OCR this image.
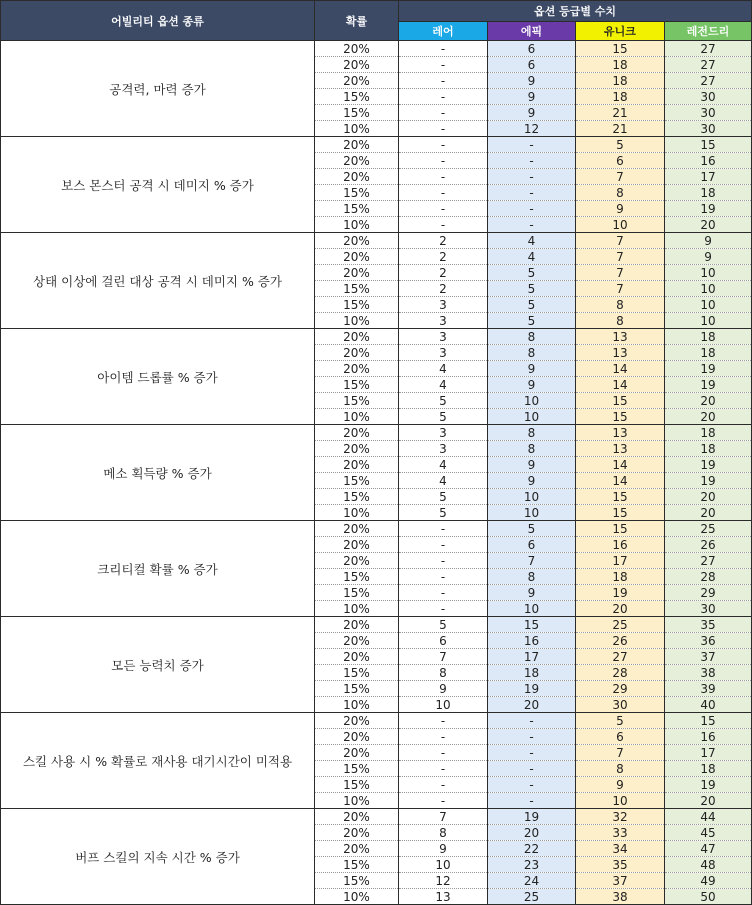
어빌리티 옵션 종류	확률	옵션 등급별 수치			
		레어	에픽	유니크	레전드리
공격력, 마력 증가	20%	-	6	15	27
	20%	-	6	18	27
	20%	-	9	18	27
	15%	-	9	18	30
	15%	-	9	21	30
	10%	-	12	21	30
보스 몬스터 공격 시 데미지 % 증가	20%	-	-	5	15
	20%	-	-	6	16
	20%	-	-	7	17
	15%	-	-	8	18
	15%	-	-	9	19
	10%	-	-	10	20
상태 이상에 걸린 대상 공격 시 데미지 % 증가	20%	2	4	7	9
	20%	2	4	7	9
	20%	2	5	7	10
	15%	2	5	7	10
	15%	3	5	8	10
	10%	3	5	8	10
아이템 드롭률 % 증가	20%	3	8	13	18
	20%	3	8	13	18
	20%	4	9	14	19
	15%	4	9	14	19
	15%	5	10	15	20
	10%	5	10	15	20
메소 획득량 % 증가	20%	3	8	13	18
	20%	3	8	13	18
	20%	4	9	14	19
	15%	4	9	14	19
	15%	5	10	15	20
	10%	5	10	15	20
크리티컬 확률 % 증가	20%	-	5	15	25
	20%	-	6	16	26
	20%	-	7	17	27
	15%	-	8	18	28
	15%	-	9	19	29
	10%	-	10	20	30
모든 능력치 증가	20%	5	15	25	35
	20%	6	16	26	36
	20%	7	17	27	37
	15%	8	18	28	38
	15%	9	19	29	39
	10%	10	20	30	40
스킬 사용 시 % 확률로 재사용 대기시간이 미적용	20%	-	-	5	15
	20%	-	-	6	16
	20%	-	-	7	17
	15%	-	-	8	18
	15%	-	-	9	19
	10%	-	-	10	20
버프 스킬의 지속 시간 % 증가	20%	7	19	32	44
	20%	8	20	33	45
	20%	9	22	34	47
	15%	10	23	35	48
	15%	12	24	37	49
	10%	13	25	38	50
